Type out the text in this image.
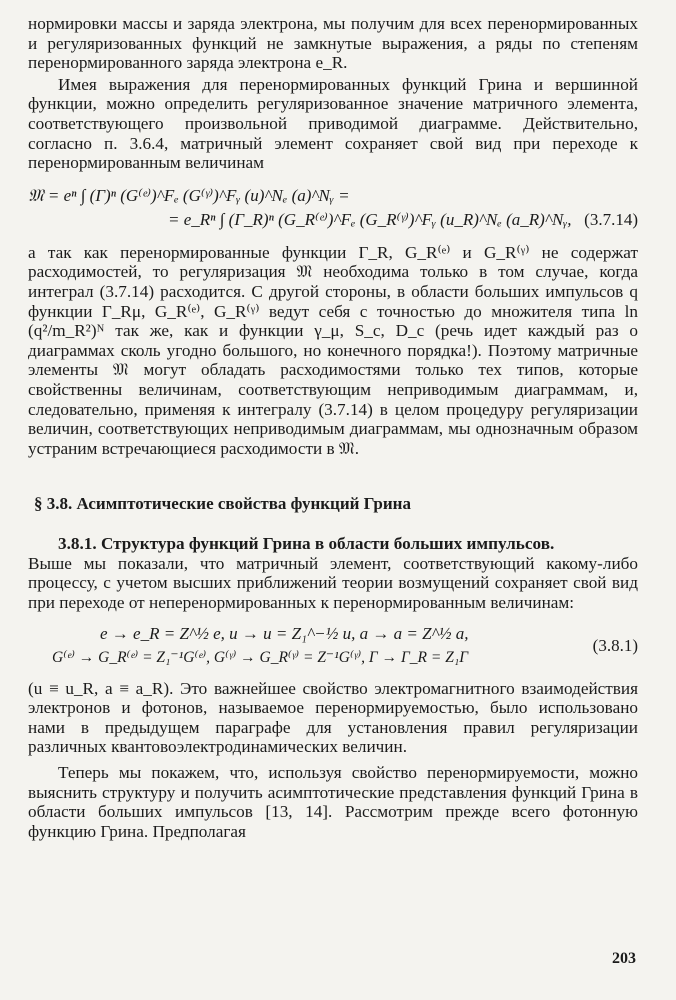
нормировки массы и заряда электрона, мы получим для всех перенормированных и регуляризованных функций не замкнутые выражения, а ряды по степеням перенормированного заряда электрона e_R.

Имея выражения для перенормированных функций Грина и вершинной функции, можно определить регуляризованное значение матричного элемента, соответствующего произвольной приводимой диаграмме. Действительно, согласно п. 3.6.4, матричный элемент сохраняет свой вид при переходе к перенормированным величинам

𝔐 = eⁿ ∫ (Γ)ⁿ (G⁽ᵉ⁾)^Fₑ (G⁽ᵞ⁾)^Fᵧ (u)^Nₑ (a)^Nᵧ =
= e_Rⁿ ∫ (Γ_R)ⁿ (G_R⁽ᵉ⁾)^Fₑ (G_R⁽ᵞ⁾)^Fᵧ (u_R)^Nₑ (a_R)^Nᵧ, (3.7.14)

а так как перенормированные функции Γ_R, G_R⁽ᵉ⁾ и G_R⁽ᵞ⁾ не содержат расходимостей, то регуляризация 𝔐 необходима только в том случае, когда интеграл (3.7.14) расходится. С другой стороны, в области больших импульсов q функции Γ_Rμ, G_R⁽ᵉ⁾, G_R⁽ᵞ⁾ ведут себя с точностью до множителя типа ln (q²/m_R²)ᴺ так же, как и функции γ_μ, S_c, D_c (речь идет каждый раз о диаграммах сколь угодно большого, но конечного порядка!). Поэтому матричные элементы 𝔐 могут обладать расходимостями только тех типов, которые свойственны величинам, соответствующим неприводимым диаграммам, и, следовательно, применяя к интегралу (3.7.14) в целом процедуру регуляризации величин, соответствующих неприводимым диаграммам, мы однозначным образом устраним встречающиеся расходимости в 𝔐.

§ 3.8. Асимптотические свойства функций Грина

3.8.1. Структура функций Грина в области больших импульсов.

Выше мы показали, что матричный элемент, соответствующий какому-либо процессу, с учетом высших приближений теории возмущений сохраняет свой вид при переходе от неперенормированных к перенормированным величинам:

e → e_R = Z^½ e, u → u = Z₁^−½ u, a → a = Z^½ a,
G⁽ᵉ⁾ → G_R⁽ᵉ⁾ = Z₁⁻¹G⁽ᵉ⁾, G⁽ᵞ⁾ → G_R⁽ᵞ⁾ = Z⁻¹G⁽ᵞ⁾, Γ → Γ_R = Z₁Γ
(3.8.1)

(u ≡ u_R, a ≡ a_R). Это важнейшее свойство электромагнитного взаимодействия электронов и фотонов, называемое перенормируемостью, было использовано нами в предыдущем параграфе для установления правил регуляризации различных квантовоэлектродинамических величин.

Теперь мы покажем, что, используя свойство перенормируемости, можно выяснить структуру и получить асимптотические представления функций Грина в области больших импульсов [13, 14]. Рассмотрим прежде всего фотонную функцию Грина. Предполагая

203
